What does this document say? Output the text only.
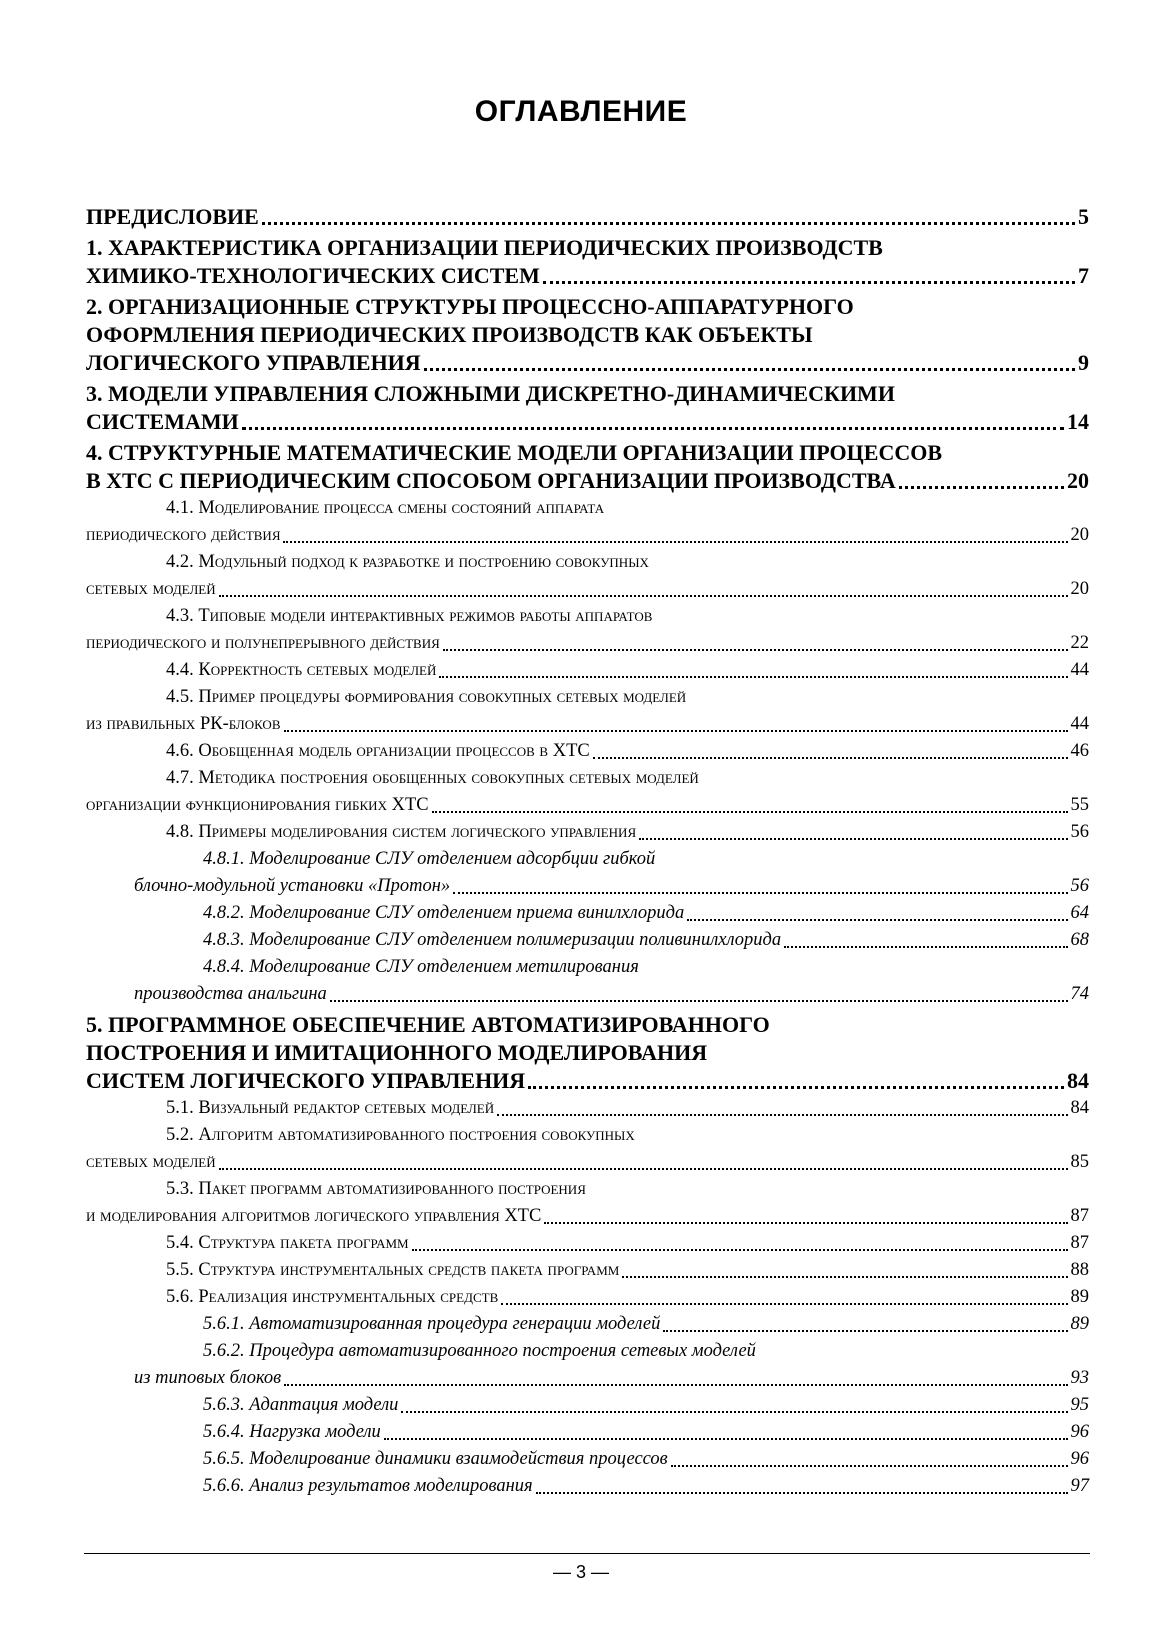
ОГЛАВЛЕНИЕ
ПРЕДИСЛОВИЕ	5
1. ХАРАКТЕРИСТИКА ОРГАНИЗАЦИИ ПЕРИОДИЧЕСКИХ ПРОИЗВОДСТВ
ХИМИКО-ТЕХНОЛОГИЧЕСКИХ СИСТЕМ	7
2. ОРГАНИЗАЦИОННЫЕ СТРУКТУРЫ ПРОЦЕССНО-АППАРАТУРНОГО
ОФОРМЛЕНИЯ ПЕРИОДИЧЕСКИХ ПРОИЗВОДСТВ КАК ОБЪЕКТЫ
ЛОГИЧЕСКОГО УПРАВЛЕНИЯ	9
3. МОДЕЛИ УПРАВЛЕНИЯ СЛОЖНЫМИ ДИСКРЕТНО-ДИНАМИЧЕСКИМИ
СИСТЕМАМИ	14
4. СТРУКТУРНЫЕ МАТЕМАТИЧЕСКИЕ МОДЕЛИ ОРГАНИЗАЦИИ ПРОЦЕССОВ
В ХТС С ПЕРИОДИЧЕСКИМ СПОСОБОМ ОРГАНИЗАЦИИ ПРОИЗВОДСТВА	20
4.1. Моделирование процесса смены состояний аппарата
периодического действия	20
4.2. Модульный подход к разработке и построению совокупных
сетевых моделей	20
4.3. Типовые модели интерактивных режимов работы аппаратов
периодического и полунепрерывного действия	22
4.4. Корректность сетевых моделей	44
4.5. Пример процедуры формирования совокупных сетевых моделей
из правильных РК-блоков	44
4.6. Обобщенная модель организации процессов в ХТС	46
4.7. Методика построения обобщенных совокупных сетевых моделей
организации функционирования гибких ХТС	55
4.8. Примеры моделирования систем логического управления	56
4.8.1. Моделирование СЛУ отделением адсорбции гибкой
блочно-модульной установки «Протон»	56
4.8.2. Моделирование СЛУ отделением приема винилхлорида	64
4.8.3. Моделирование СЛУ отделением полимеризации поливинилхлорида	68
4.8.4. Моделирование СЛУ отделением метилирования
производства анальгина	74
5. ПРОГРАММНОЕ ОБЕСПЕЧЕНИЕ АВТОМАТИЗИРОВАННОГО
ПОСТРОЕНИЯ И ИМИТАЦИОННОГО МОДЕЛИРОВАНИЯ
СИСТЕМ ЛОГИЧЕСКОГО УПРАВЛЕНИЯ	84
5.1. Визуальный редактор сетевых моделей	84
5.2. Алгоритм автоматизированного построения совокупных
сетевых моделей	85
5.3. Пакет программ автоматизированного построения
и моделирования алгоритмов логического управления ХТС	87
5.4. Структура пакета программ	87
5.5. Структура инструментальных средств пакета программ	88
5.6. Реализация инструментальных средств	89
5.6.1. Автоматизированная процедура генерации моделей	89
5.6.2. Процедура автоматизированного построения сетевых моделей
из типовых блоков	93
5.6.3. Адаптация модели	95
5.6.4. Нагрузка модели	96
5.6.5. Моделирование динамики взаимодействия процессов	96
5.6.6. Анализ результатов моделирования	97
— 3 —
